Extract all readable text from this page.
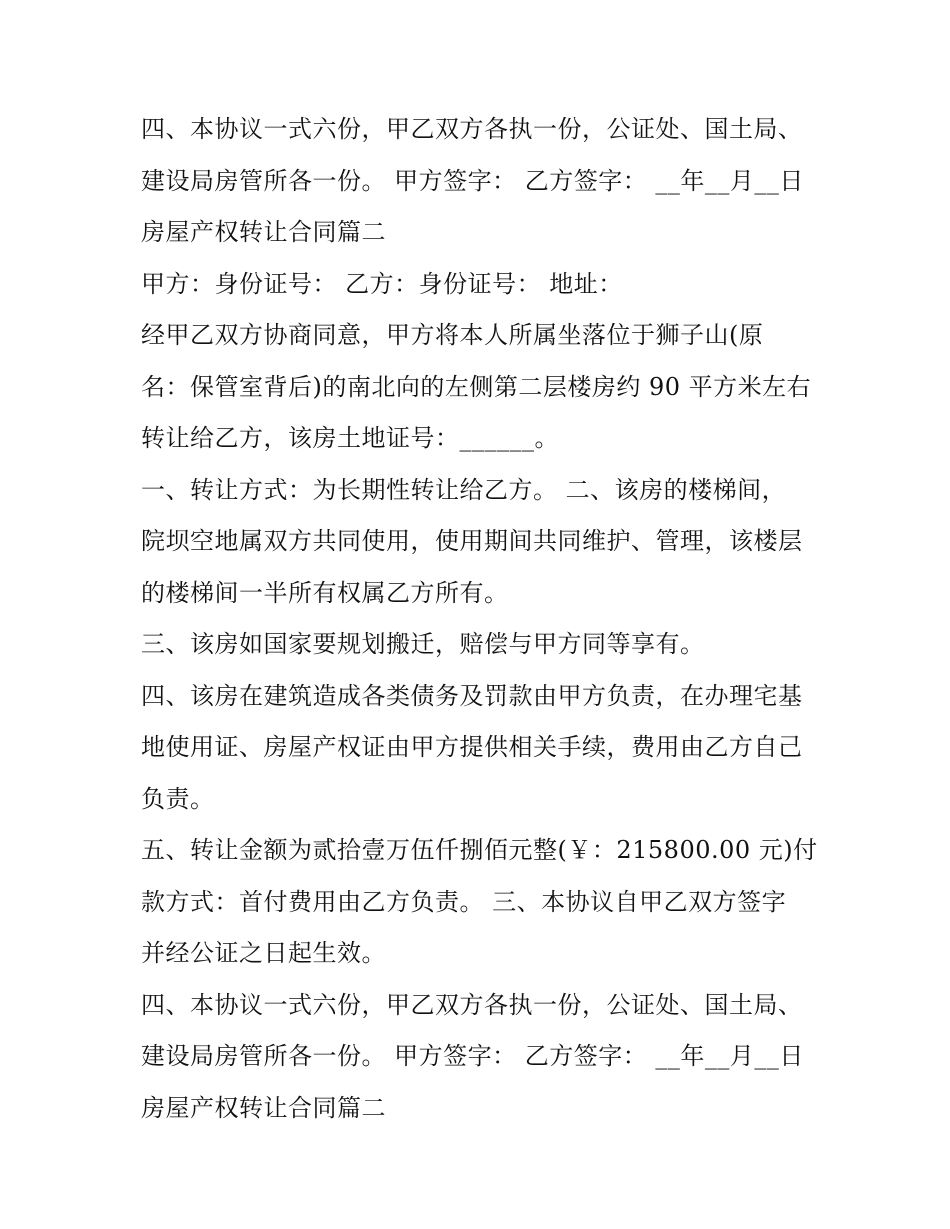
四、本协议一式六份，甲乙双方各执一份，公证处、国土局、
建设局房管所各一份。 甲方签字： 乙方签字： __年__月__日
房屋产权转让合同篇二
甲方：身份证号： 乙方：身份证号： 地址：
经甲乙双方协商同意，甲方将本人所属坐落位于狮子山(原
名：保管室背后)的南北向的左侧第二层楼房约 90 平方米左右
转让给乙方，该房土地证号：______。
一、转让方式：为长期性转让给乙方。 二、该房的楼梯间，
院坝空地属双方共同使用，使用期间共同维护、管理，该楼层
的楼梯间一半所有权属乙方所有。
三、该房如国家要规划搬迁，赔偿与甲方同等享有。
四、该房在建筑造成各类债务及罚款由甲方负责，在办理宅基
地使用证、房屋产权证由甲方提供相关手续，费用由乙方自己
负责。
五、转让金额为贰拾壹万伍仟捌佰元整(￥：215800.00 元)付
款方式：首付费用由乙方负责。 三、本协议自甲乙双方签字
并经公证之日起生效。
四、本协议一式六份，甲乙双方各执一份，公证处、国土局、
建设局房管所各一份。 甲方签字： 乙方签字： __年__月__日
房屋产权转让合同篇二
